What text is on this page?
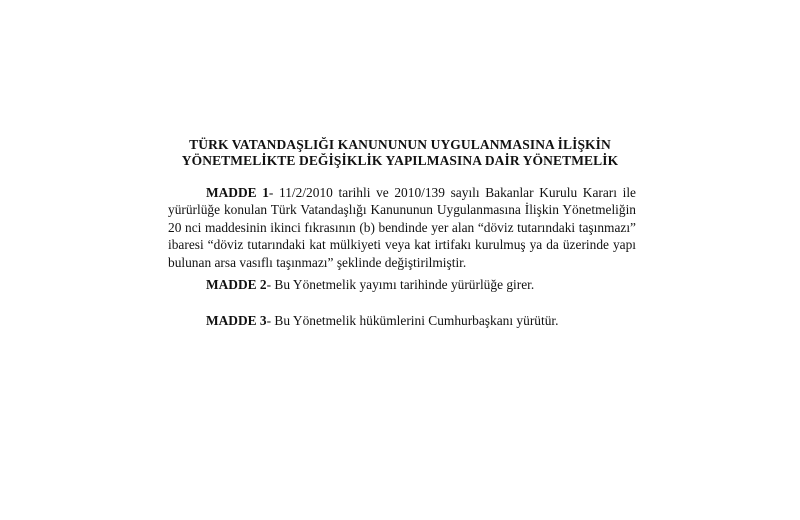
TÜRK VATANDAŞLIĞI KANUNUNUN UYGULANMASINA İLİŞKİN
YÖNETMELİKTE DEĞİŞİKLİK YAPILMASINA DAİR YÖNETMELİK

MADDE 1- 11/2/2010 tarihli ve 2010/139 sayılı Bakanlar Kurulu Kararı ile yürürlüğe konulan Türk Vatandaşlığı Kanununun Uygulanmasına İlişkin Yönetmeliğin 20 nci maddesinin ikinci fıkrasının (b) bendinde yer alan “döviz tutarındaki taşınmazı” ibaresi “döviz tutarındaki kat mülkiyeti veya kat irtifakı kurulmuş ya da üzerinde yapı bulunan arsa vasıflı taşınmazı” şeklinde değiştirilmiştir.

MADDE 2- Bu Yönetmelik yayımı tarihinde yürürlüğe girer.
MADDE 3- Bu Yönetmelik hükümlerini Cumhurbaşkanı yürütür.
